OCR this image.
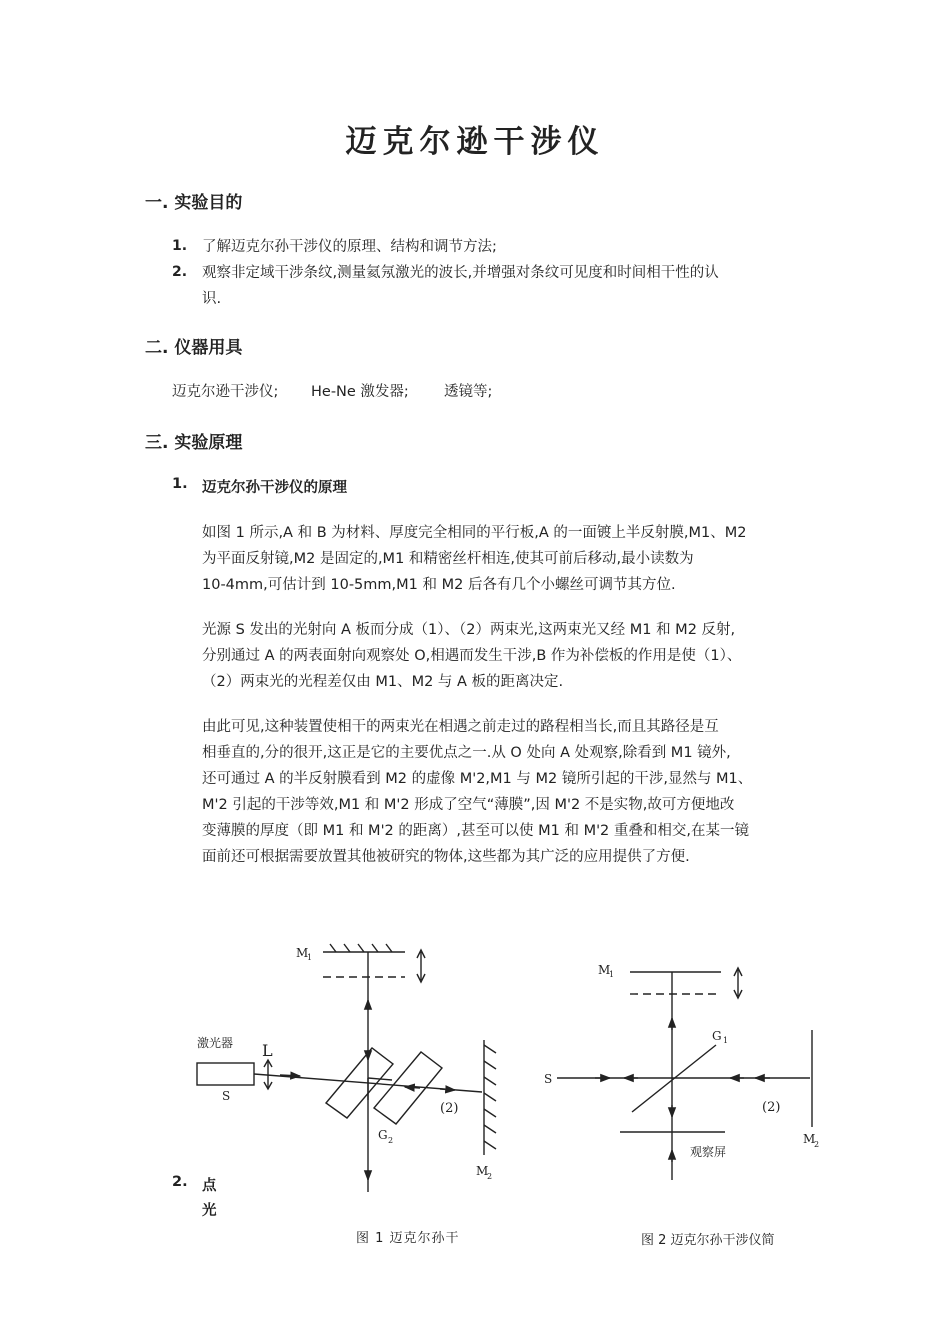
迈克尔逊干涉仪
一. 实验目的
1. 了解迈克尔孙干涉仪的原理、结构和调节方法;
2. 观察非定域干涉条纹,测量氦氖激光的波长,并增强对条纹可见度和时间相干性的认
识.
二. 仪器用具
迈克尔逊干涉仪; He-Ne 激发器; 透镜等;
三. 实验原理
1. 迈克尔孙干涉仪的原理
如图 1 所示,A 和 B 为材料、厚度完全相同的平行板,A 的一面镀上半反射膜,M1、M2
为平面反射镜,M2 是固定的,M1 和精密丝杆相连,使其可前后移动,最小读数为
10-4mm,可估计到 10-5mm,M1 和 M2 后各有几个小螺丝可调节其方位.
光源 S 发出的光射向 A 板而分成（1）、（2）两束光,这两束光又经 M1 和 M2 反射,
分别通过 A 的两表面射向观察处 O,相遇而发生干涉,B 作为补偿板的作用是使（1）、
（2）两束光的光程差仅由 M1、M2 与 A 板的距离决定.
由此可见,这种装置使相干的两束光在相遇之前走过的路程相当长,而且其路径是互
相垂直的,分的很开,这正是它的主要优点之一.从 O 处向 A 处观察,除看到 M1 镜外,
还可通过 A 的半反射膜看到 M2 的虚像 M'2,M1 与 M2 镜所引起的干涉,显然与 M1、
M'2 引起的干涉等效,M1 和 M'2 形成了空气“薄膜”,因 M'2 不是实物,故可方便地改
变薄膜的厚度（即 M1 和 M'2 的距离）,甚至可以使 M1 和 M'2 重叠和相交,在某一镜
面前还可根据需要放置其他被研究的物体,这些都为其广泛的应用提供了方便.
2. 点
光
M
1
激光器 L
S
G 2
(2)
M
2
图 1 迈克尔孙干
M
1
G 1
S
(2)
M
2
观察屏
图 2 迈克尔孙干涉仪简
